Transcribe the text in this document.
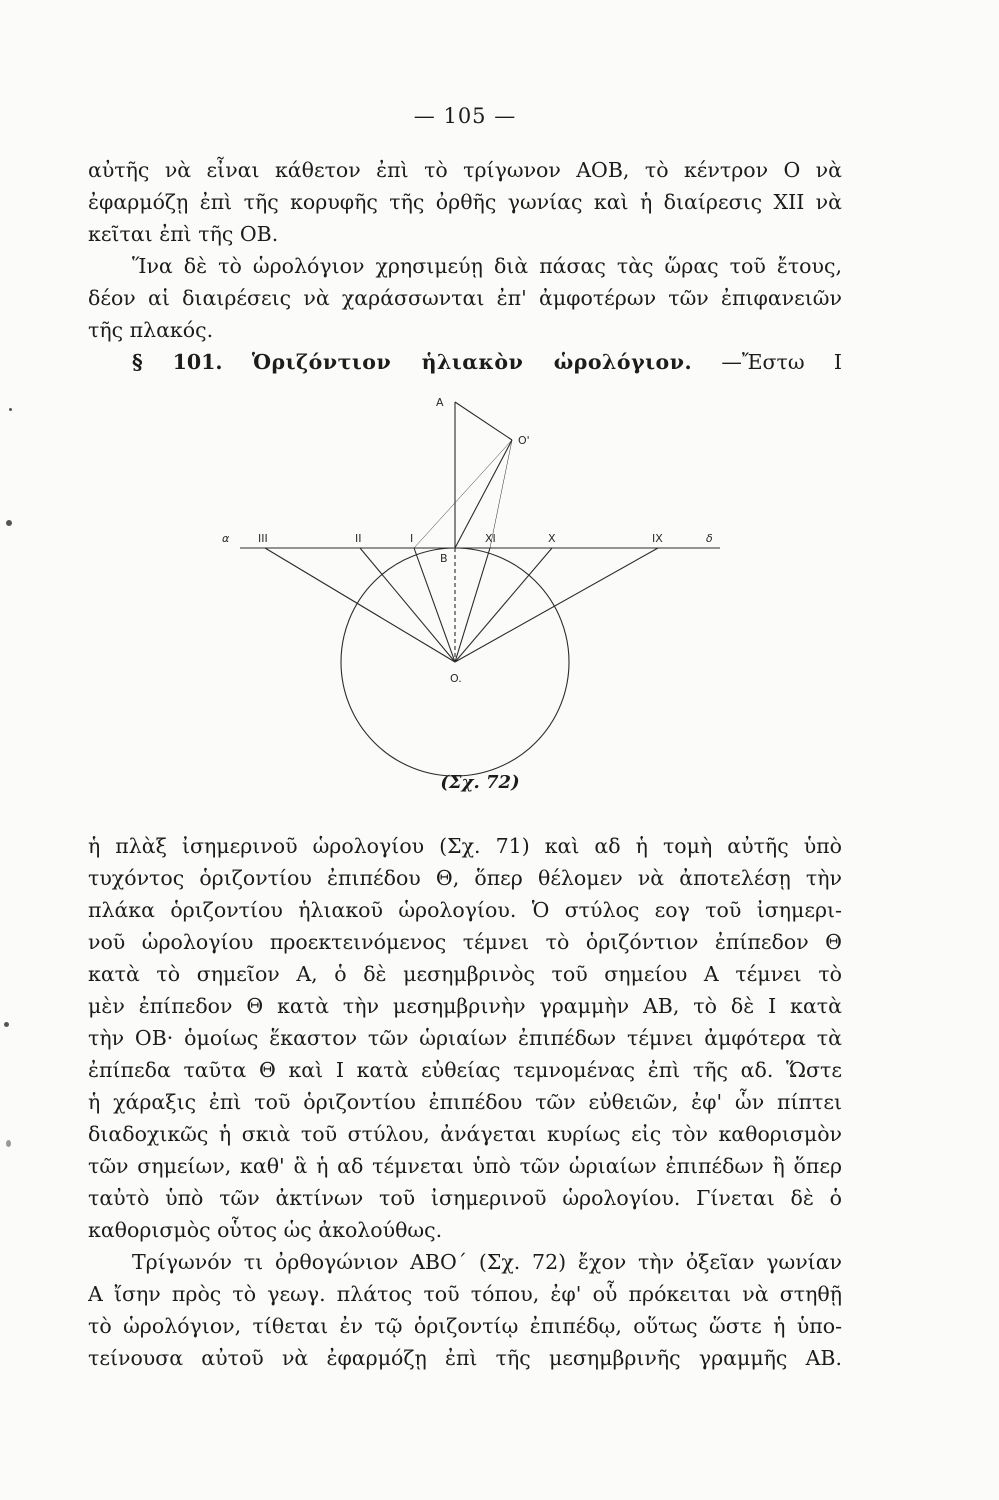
— 105 —
αὐτῆς νὰ εἶναι κάθετον ἐπὶ τὸ τρίγωνον ΑΟΒ, τὸ κέντρον Ο νὰ
ἐφαρμόζῃ ἐπὶ τῆς κορυφῆς τῆς ὀρθῆς γωνίας καὶ ἡ διαίρεσις XII νὰ
κεῖται ἐπὶ τῆς ΟΒ.
Ἵνα δὲ τὸ ὡρολόγιον χρησιμεύῃ διὰ πάσας τὰς ὥρας τοῦ ἔτους,
δέον αἱ διαιρέσεις νὰ χαράσσωνται ἐπ' ἀμφοτέρων τῶν ἐπιφανειῶν
τῆς πλακός.
§ 101. Ὁριζόντιον ἡλιακὸν ὡρολόγιον. —Ἔστω Ι
A
O'
B
O.
α	δ
III	II	I	XI	X	IX
(Σχ. 72)
ἡ πλὰξ ἰσημερινοῦ ὡρολογίου (Σχ. 71) καὶ αδ ἡ τομὴ αὐτῆς ὑπὸ
τυχόντος ὁριζοντίου ἐπιπέδου Θ, ὅπερ θέλομεν νὰ ἀποτελέσῃ τὴν
πλάκα ὁριζοντίου ἡλιακοῦ ὡρολογίου. Ὁ στύλος εογ τοῦ ἰσημερι-
νοῦ ὡρολογίου προεκτεινόμενος τέμνει τὸ ὁριζόντιον ἐπίπεδον Θ
κατὰ τὸ σημεῖον Α, ὁ δὲ μεσημβρινὸς τοῦ σημείου Α τέμνει τὸ
μὲν ἐπίπεδον Θ κατὰ τὴν μεσημβρινὴν γραμμὴν ΑΒ, τὸ δὲ Ι κατὰ
τὴν ΟΒ· ὁμοίως ἕκαστον τῶν ὡριαίων ἐπιπέδων τέμνει ἀμφότερα τὰ
ἐπίπεδα ταῦτα Θ καὶ Ι κατὰ εὐθείας τεμνομένας ἐπὶ τῆς αδ. Ὥστε
ἡ χάραξις ἐπὶ τοῦ ὁριζοντίου ἐπιπέδου τῶν εὐθειῶν, ἐφ' ὧν πίπτει
διαδοχικῶς ἡ σκιὰ τοῦ στύλου, ἀνάγεται κυρίως εἰς τὸν καθορισμὸν
τῶν σημείων, καθ' ἃ ἡ αδ τέμνεται ὑπὸ τῶν ὡριαίων ἐπιπέδων ἢ ὅπερ
ταὐτὸ ὑπὸ τῶν ἀκτίνων τοῦ ἰσημερινοῦ ὡρολογίου. Γίνεται δὲ ὁ
καθορισμὸς οὗτος ὡς ἀκολούθως.
Τρίγωνόν τι ὀρθογώνιον ΑΒΟ΄ (Σχ. 72) ἔχον τὴν ὀξεῖαν γωνίαν
Α ἴσην πρὸς τὸ γεωγ. πλάτος τοῦ τόπου, ἐφ' οὗ πρόκειται νὰ στηθῇ
τὸ ὡρολόγιον, τίθεται ἐν τῷ ὁριζοντίῳ ἐπιπέδῳ, οὕτως ὥστε ἡ ὑπο-
τείνουσα αὐτοῦ νὰ ἐφαρμόζῃ ἐπὶ τῆς μεσημβρινῆς γραμμῆς ΑΒ.
